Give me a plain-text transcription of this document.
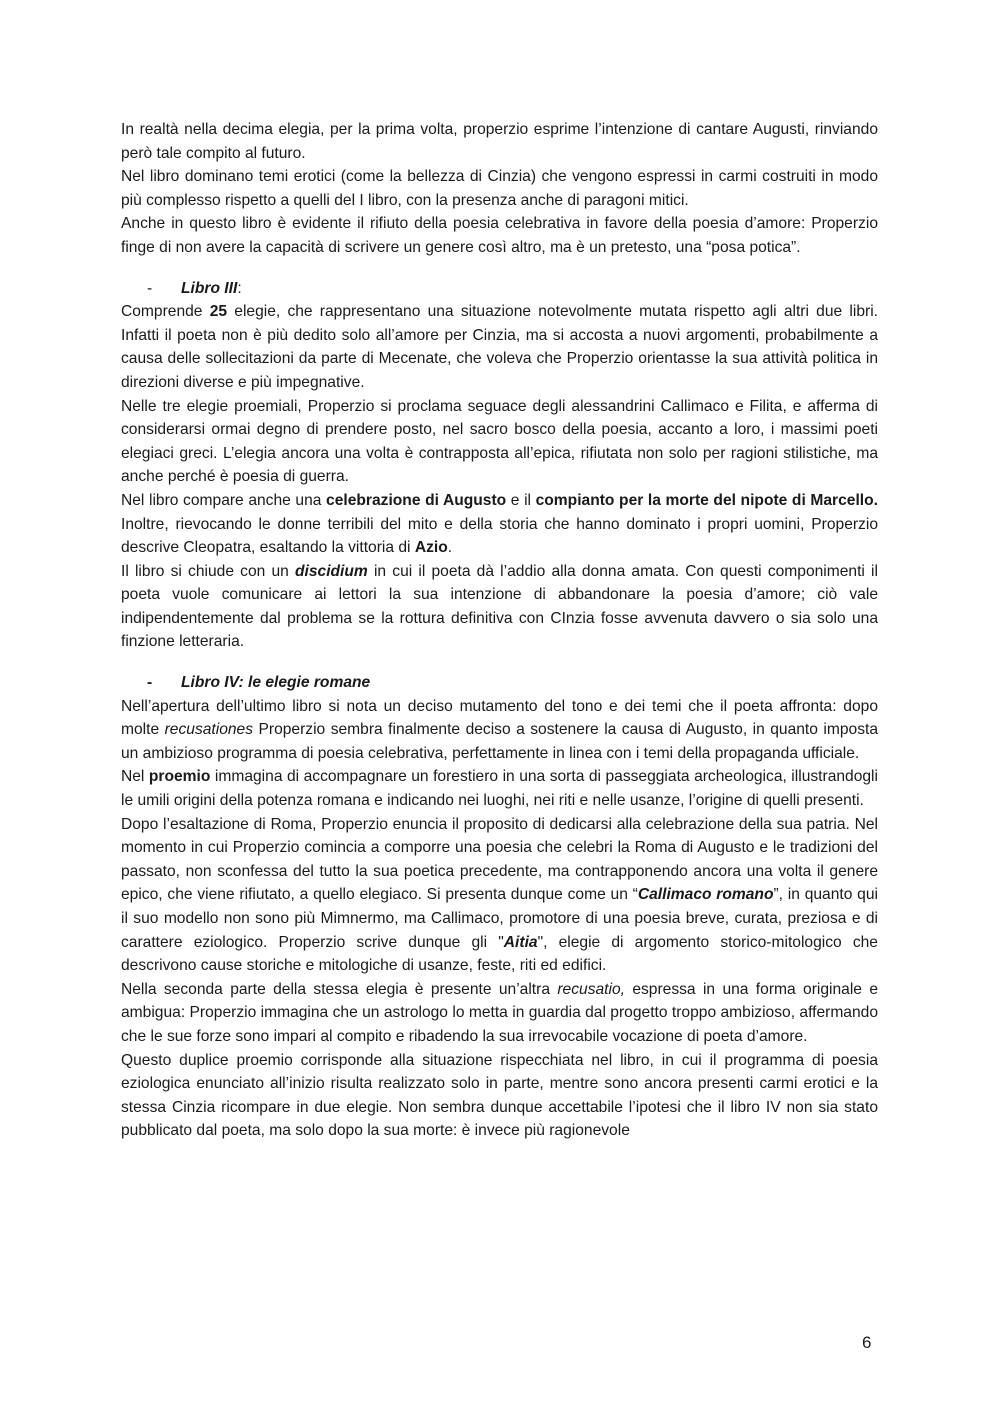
In realtà nella decima elegia, per la prima volta, properzio esprime l’intenzione di cantare Augusti, rinviando però tale compito al futuro.

Nel libro dominano temi erotici (come la bellezza di Cinzia) che vengono espressi in carmi costruiti in modo più complesso rispetto a quelli del I libro, con la presenza anche di paragoni mitici.

Anche in questo libro è evidente il rifiuto della poesia celebrativa in favore della poesia d’amore: Properzio finge di non avere la capacità di scrivere un genere così altro, ma è un pretesto, una “posa potica”.

- Libro III:

Comprende 25 elegie, che rappresentano una situazione notevolmente mutata rispetto agli altri due libri. Infatti il poeta non è più dedito solo all’amore per Cinzia, ma si accosta a nuovi argomenti, probabilmente a causa delle sollecitazioni da parte di Mecenate, che voleva che Properzio orientasse la sua attività politica in direzioni diverse e più impegnative.

Nelle tre elegie proemiali, Properzio si proclama seguace degli alessandrini Callimaco e Filita, e afferma di considerarsi ormai degno di prendere posto, nel sacro bosco della poesia, accanto a loro, i massimi poeti elegiaci greci. L’elegia ancora una volta è contrapposta all’epica, rifiutata non solo per ragioni stilistiche, ma anche perché è poesia di guerra.

Nel libro compare anche una celebrazione di Augusto e il compianto per la morte del nipote di Marcello. Inoltre, rievocando le donne terribili del mito e della storia che hanno dominato i propri uomini, Properzio descrive Cleopatra, esaltando la vittoria di Azio.

Il libro si chiude con un discidium in cui il poeta dà l’addio alla donna amata. Con questi componimenti il poeta vuole comunicare ai lettori la sua intenzione di abbandonare la poesia d’amore; ciò vale indipendentemente dal problema se la rottura definitiva con CInzia fosse avvenuta davvero o sia solo una finzione letteraria.

- Libro IV: le elegie romane

Nell’apertura dell’ultimo libro si nota un deciso mutamento del tono e dei temi che il poeta affronta: dopo molte recusationes Properzio sembra finalmente deciso a sostenere la causa di Augusto, in quanto imposta un ambizioso programma di poesia celebrativa, perfettamente in linea con i temi della propaganda ufficiale.

Nel proemio immagina di accompagnare un forestiero in una sorta di passeggiata archeologica, illustrandogli le umili origini della potenza romana e indicando nei luoghi, nei riti e nelle usanze, l’origine di quelli presenti.

Dopo l’esaltazione di Roma, Properzio enuncia il proposito di dedicarsi alla celebrazione della sua patria. Nel momento in cui Properzio comincia a comporre una poesia che celebri la Roma di Augusto e le tradizioni del passato, non sconfessa del tutto la sua poetica precedente, ma contrapponendo ancora una volta il genere epico, che viene rifiutato, a quello elegiaco. Si presenta dunque come un “Callimaco romano”, in quanto qui il suo modello non sono più Mimnermo, ma Callimaco, promotore di una poesia breve, curata, preziosa e di carattere eziologico. Properzio scrive dunque gli "Aitia", elegie di argomento storico-mitologico che descrivono cause storiche e mitologiche di usanze, feste, riti ed edifici.

Nella seconda parte della stessa elegia è presente un’altra recusatio, espressa in una forma originale e ambigua: Properzio immagina che un astrologo lo metta in guardia dal progetto troppo ambizioso, affermando che le sue forze sono impari al compito e ribadendo la sua irrevocabile vocazione di poeta d’amore.

Questo duplice proemio corrisponde alla situazione rispecchiata nel libro, in cui il programma di poesia eziologica enunciato all’inizio risulta realizzato solo in parte, mentre sono ancora presenti carmi erotici e la stessa Cinzia ricompare in due elegie. Non sembra dunque accettabile l’ipotesi che il libro IV non sia stato pubblicato dal poeta, ma solo dopo la sua morte: è invece più ragionevole

6
